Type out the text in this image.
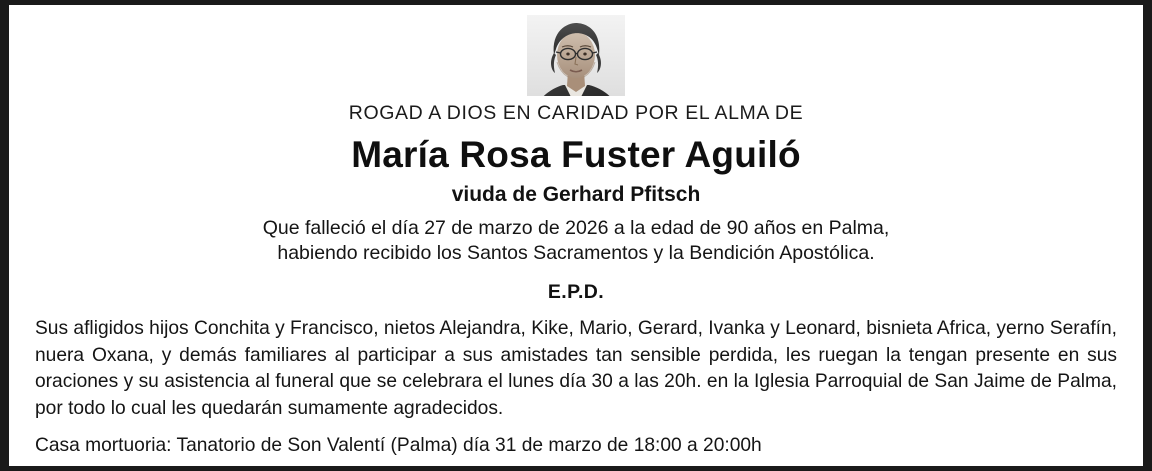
ROGAD A DIOS EN CARIDAD POR EL ALMA DE
María Rosa Fuster Aguiló
viuda de Gerhard Pfitsch
Que falleció el día 27 de marzo de 2026 a la edad de 90 años en Palma,
habiendo recibido los Santos Sacramentos y la Bendición Apostólica.
E.P.D.
Sus afligidos hijos Conchita y Francisco, nietos Alejandra, Kike, Mario, Gerard, Ivanka y Leonard, bisnieta Africa, yerno Serafín, nuera Oxana, y demás familiares al participar a sus amistades tan sensible perdida, les ruegan la tengan presente en sus oraciones y su asistencia al funeral que se celebrara el lunes día 30 a las 20h. en la Iglesia Parroquial de San Jaime de Palma, por todo lo cual les quedarán sumamente agradecidos.
Casa mortuoria: Tanatorio de Son Valentí (Palma) día 31 de marzo de 18:00 a 20:00h
